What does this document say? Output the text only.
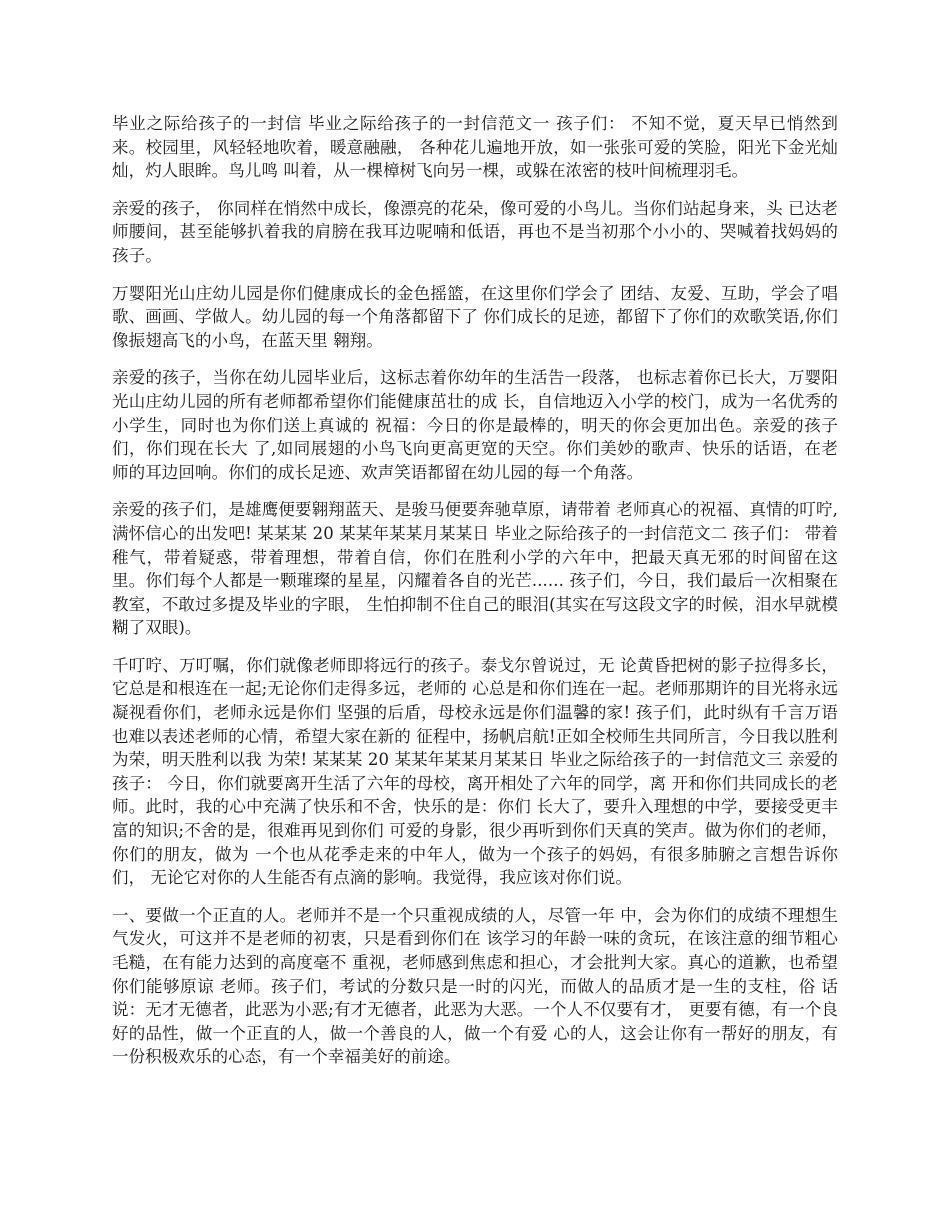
毕业之际给孩子的一封信 毕业之际给孩子的一封信范文一 孩子们： 不知不觉，夏天早已悄然到来。校园里，风轻轻地吹着，暖意融融， 各种花儿遍地开放，如一张张可爱的笑脸，阳光下金光灿灿，灼人眼眸。鸟儿鸣 叫着，从一棵樟树飞向另一棵，或躲在浓密的枝叶间梳理羽毛。

亲爱的孩子， 你同样在悄然中成长，像漂亮的花朵，像可爱的小鸟儿。当你们站起身来，头 已达老师腰间，甚至能够扒着我的肩膀在我耳边呢喃和低语，再也不是当初那个小小的、哭喊着找妈妈的孩子。

万婴阳光山庄幼儿园是你们健康成长的金色摇篮，在这里你们学会了 团结、友爱、互助，学会了唱歌、画画、学做人。幼儿园的每一个角落都留下了 你们成长的足迹，都留下了你们的欢歌笑语,你们像振翅高飞的小鸟，在蓝天里 翱翔。

亲爱的孩子，当你在幼儿园毕业后，这标志着你幼年的生活告一段落， 也标志着你已长大，万婴阳光山庄幼儿园的所有老师都希望你们能健康茁壮的成 长，自信地迈入小学的校门，成为一名优秀的小学生，同时也为你们送上真诚的 祝福：今日的你是最棒的，明天的你会更加出色。亲爱的孩子们，你们现在长大 了,如同展翅的小鸟飞向更高更宽的天空。你们美妙的歌声、快乐的话语，在老 师的耳边回响。你们的成长足迹、欢声笑语都留在幼儿园的每一个角落。

亲爱的孩子们，是雄鹰便要翱翔蓝天、是骏马便要奔驰草原，请带着 老师真心的祝福、真情的叮咛,满怀信心的出发吧! 某某某 20 某某年某某月某某日 毕业之际给孩子的一封信范文二 孩子们： 带着稚气，带着疑惑，带着理想，带着自信，你们在胜利小学的六年中，把最天真无邪的时间留在这里。你们每个人都是一颗璀璨的星星，闪耀着各自的光芒...... 孩子们，今日，我们最后一次相聚在教室，不敢过多提及毕业的字眼， 生怕抑制不住自己的眼泪(其实在写这段文字的时候，泪水早就模糊了双眼)。

千叮咛、万叮嘱，你们就像老师即将远行的孩子。泰戈尔曾说过，无 论黄昏把树的影子拉得多长，它总是和根连在一起;无论你们走得多远，老师的 心总是和你们连在一起。老师那期许的目光将永远凝视看你们，老师永远是你们 坚强的后盾，母校永远是你们温馨的家! 孩子们，此时纵有千言万语也难以表述老师的心情，希望大家在新的 征程中，扬帆启航!正如全校师生共同所言，今日我以胜利为荣，明天胜利以我 为荣! 某某某 20 某某年某某月某某日 毕业之际给孩子的一封信范文三 亲爱的孩子： 今日，你们就要离开生活了六年的母校，离开相处了六年的同学，离 开和你们共同成长的老师。此时，我的心中充满了快乐和不舍，快乐的是：你们 长大了，要升入理想的中学，要接受更丰富的知识;不舍的是，很难再见到你们 可爱的身影，很少再听到你们天真的笑声。做为你们的老师，你们的朋友，做为 一个也从花季走来的中年人，做为一个孩子的妈妈，有很多肺腑之言想告诉你们， 无论它对你的人生能否有点滴的影响。我觉得，我应该对你们说。

一、要做一个正直的人。老师并不是一个只重视成绩的人，尽管一年 中，会为你们的成绩不理想生气发火，可这并不是老师的初衷，只是看到你们在 该学习的年龄一味的贪玩，在该注意的细节粗心毛糙，在有能力达到的高度毫不 重视，老师感到焦虑和担心，才会批判大家。真心的道歉，也希望你们能够原谅 老师。孩子们，考试的分数只是一时的闪光，而做人的品质才是一生的支柱，俗 话说：无才无德者，此恶为小恶;有才无德者，此恶为大恶。一个人不仅要有才， 更要有德，有一个良好的品性，做一个正直的人，做一个善良的人，做一个有爱 心的人，这会让你有一帮好的朋友，有一份积极欢乐的心态，有一个幸福美好的前途。
